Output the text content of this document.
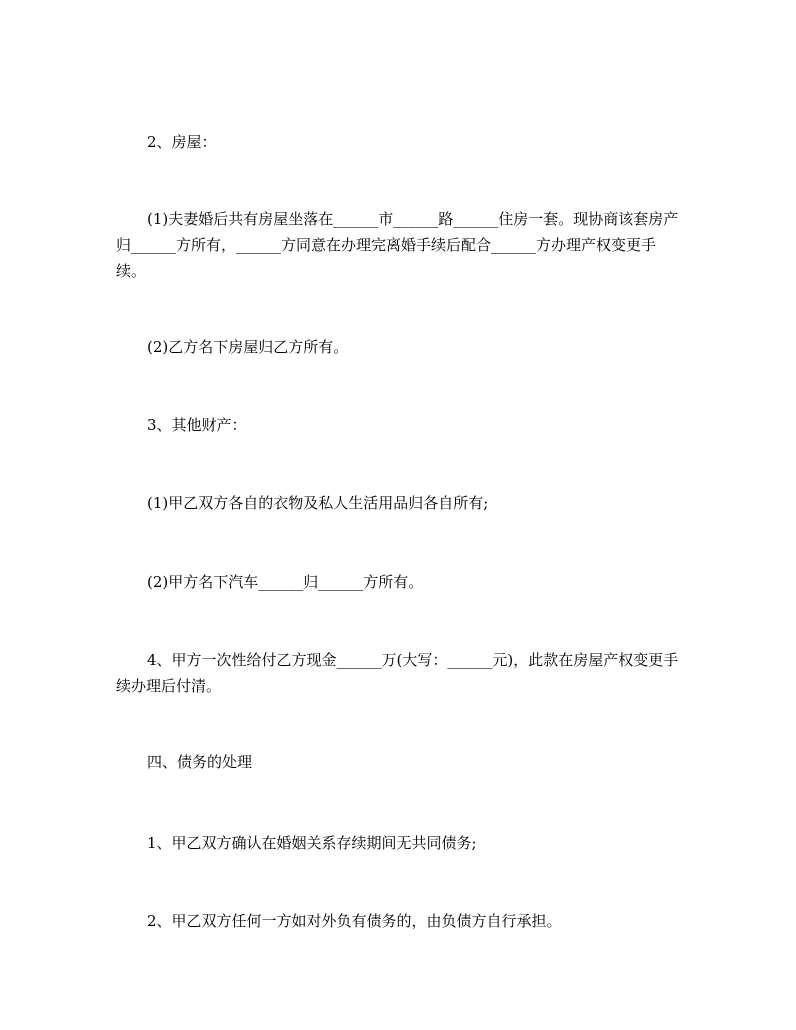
2、房屋：

(1)夫妻婚后共有房屋坐落在______市______路______住房一套。现协商该套房产归______方所有，______方同意在办理完离婚手续后配合______方办理产权变更手续。

(2)乙方名下房屋归乙方所有。

3、其他财产：

(1)甲乙双方各自的衣物及私人生活用品归各自所有;

(2)甲方名下汽车______归______方所有。

4、甲方一次性给付乙方现金______万(大写：______元)，此款在房屋产权变更手续办理后付清。

四、债务的处理

1、甲乙双方确认在婚姻关系存续期间无共同债务;

2、甲乙双方任何一方如对外负有债务的，由负债方自行承担。
